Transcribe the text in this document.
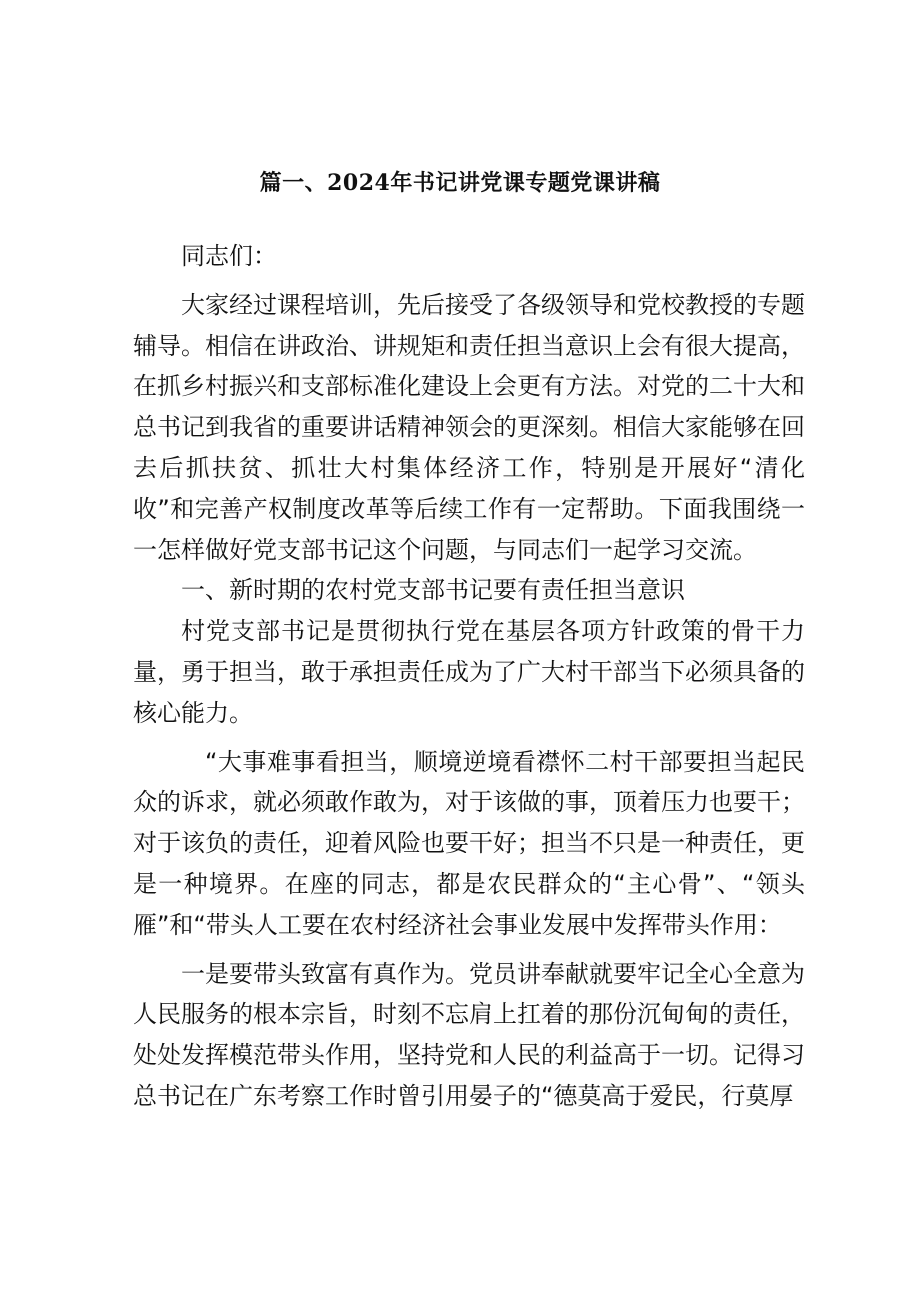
篇一、2024年书记讲党课专题党课讲稿

同志们：

大家经过课程培训，先后接受了各级领导和党校教授的专题辅导。相信在讲政治、讲规矩和责任担当意识上会有很大提高，在抓乡村振兴和支部标准化建设上会更有方法。对党的二十大和总书记到我省的重要讲话精神领会的更深刻。相信大家能够在回去后抓扶贫、抓壮大村集体经济工作，特别是开展好“清化收”和完善产权制度改革等后续工作有一定帮助。下面我围绕一一怎样做好党支部书记这个问题，与同志们一起学习交流。

一、新时期的农村党支部书记要有责任担当意识

村党支部书记是贯彻执行党在基层各项方针政策的骨干力量，勇于担当，敢于承担责任成为了广大村干部当下必须具备的核心能力。

“大事难事看担当，顺境逆境看襟怀二村干部要担当起民众的诉求，就必须敢作敢为，对于该做的事，顶着压力也要干；对于该负的责任，迎着风险也要干好；担当不只是一种责任，更是一种境界。在座的同志，都是农民群众的“主心骨”、“领头雁”和“带头人工要在农村经济社会事业发展中发挥带头作用：

一是要带头致富有真作为。党员讲奉献就要牢记全心全意为人民服务的根本宗旨，时刻不忘肩上扛着的那份沉甸甸的责任，处处发挥模范带头作用，坚持党和人民的利益高于一切。记得习总书记在广东考察工作时曾引用晏子的“德莫高于爱民，行莫厚
